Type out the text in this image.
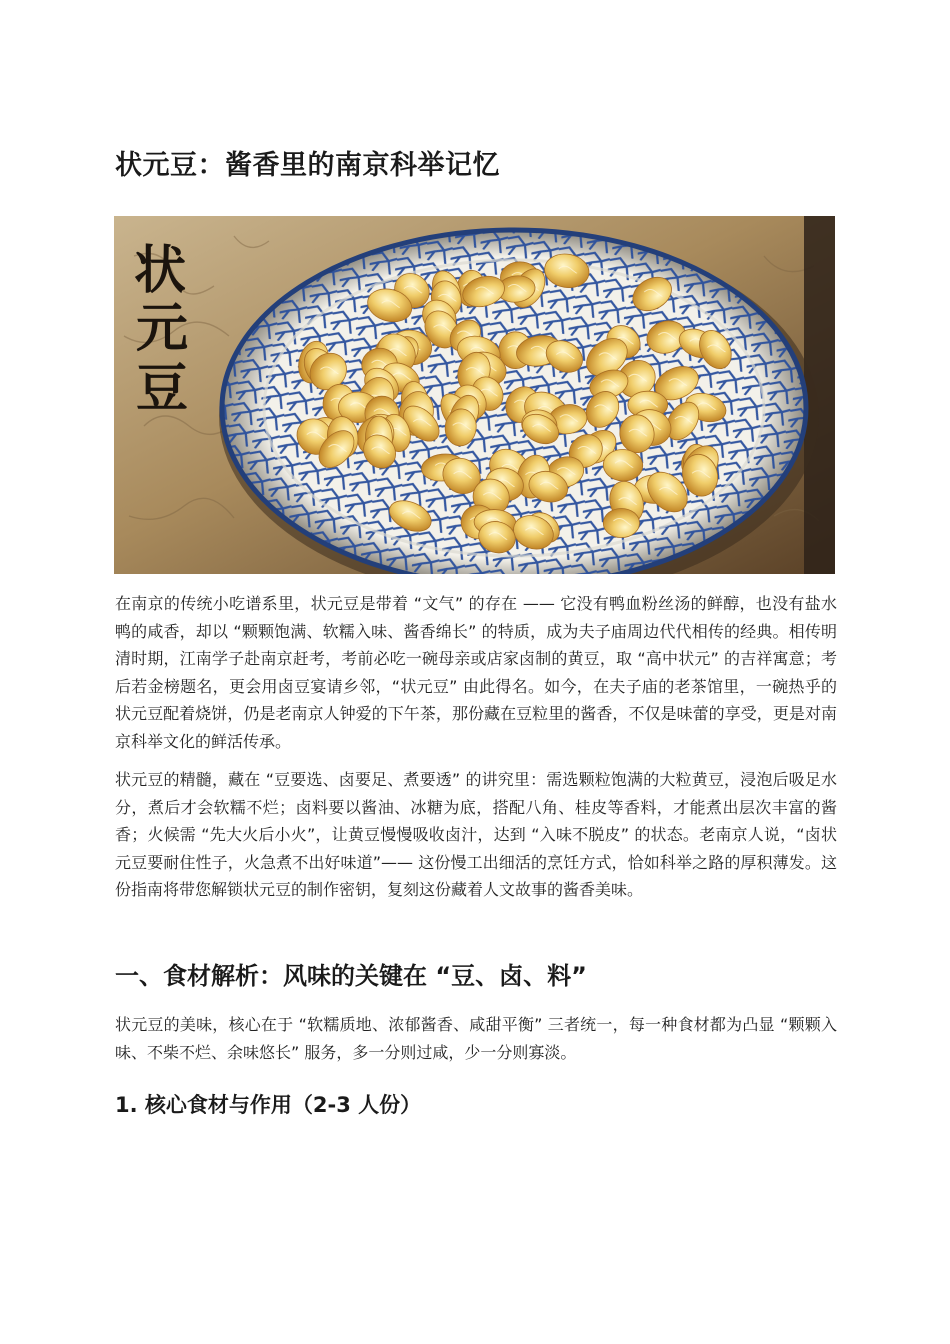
状元豆：酱香里的南京科举记忆
状
元
豆

在南京的传统小吃谱系里，状元豆是带着 “文气” 的存在 —— 它没有鸭血粉丝汤的鲜醇，也没有盐水鸭的咸香，却以 “颗颗饱满、软糯入味、酱香绵长” 的特质，成为夫子庙周边代代相传的经典。相传明清时期，江南学子赴南京赶考，考前必吃一碗母亲或店家卤制的黄豆，取 “高中状元” 的吉祥寓意；考后若金榜题名，更会用卤豆宴请乡邻，“状元豆” 由此得名。如今，在夫子庙的老茶馆里，一碗热乎的状元豆配着烧饼，仍是老南京人钟爱的下午茶，那份藏在豆粒里的酱香，不仅是味蕾的享受，更是对南京科举文化的鲜活传承。

状元豆的精髓，藏在 “豆要选、卤要足、煮要透” 的讲究里：需选颗粒饱满的大粒黄豆，浸泡后吸足水分，煮后才会软糯不烂；卤料要以酱油、冰糖为底，搭配八角、桂皮等香料，才能煮出层次丰富的酱香；火候需 “先大火后小火”，让黄豆慢慢吸收卤汁，达到 “入味不脱皮” 的状态。老南京人说，“卤状元豆要耐住性子，火急煮不出好味道”—— 这份慢工出细活的烹饪方式，恰如科举之路的厚积薄发。这份指南将带您解锁状元豆的制作密钥，复刻这份藏着人文故事的酱香美味。

一、食材解析：风味的关键在 “豆、卤、料”

状元豆的美味，核心在于 “软糯质地、浓郁酱香、咸甜平衡” 三者统一，每一种食材都为凸显 “颗颗入味、不柴不烂、余味悠长” 服务，多一分则过咸，少一分则寡淡。

1. 核心食材与作用（2-3 人份）
